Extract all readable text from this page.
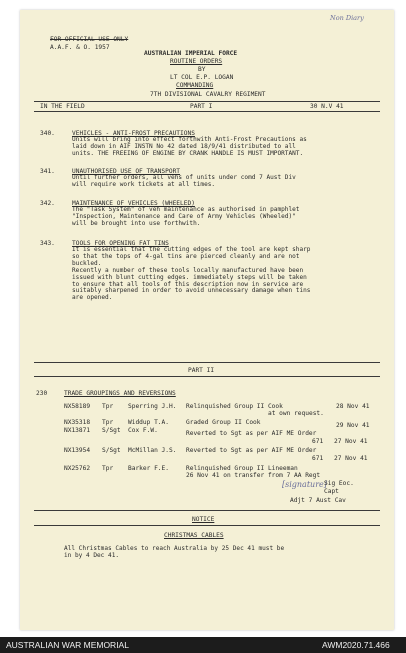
Non Diary
FOR OFFICIAL USE ONLY
A.A.F. & O. 1957
AUSTRALIAN IMPERIAL FORCE
ROUTINE ORDERS
BY
LT COL E.P. LOGAN
COMMANDING
7TH DIVISIONAL CAVALRY REGIMENT
IN THE FIELD	PART I	30 N.V 41
340.	VEHICLES - ANTI-FROST PRECAUTIONS
Units will bring into effect forthwith Anti-Frost Precautions as
laid down in AIF INSTN No 42 dated 18/9/41 distributed to all
units. THE FREEING OF ENGINE BY CRANK HANDLE IS MUST IMPORTANT.
341.	UNAUTHORISED USE OF TRANSPORT
Until further orders, all vehs of units under comd 7 Aust Div
will require work tickets at all times.
342.	MAINTENANCE OF VEHICLES (WHEELED)
The "Task System" of veh maintenance as authorised in pamphlet
"Inspection, Maintenance and Care of Army Vehicles (Wheeled)"
will be brought into use forthwith.
343.	TOOLS FOR OPENING FAT TINS
It is essential that the cutting edges of the tool are kept sharp
so that the tops of 4-gal tins are pierced cleanly and are not
buckled.
Recently a number of these tools locally manufactured have been
issued with blunt cutting edges. immediately steps will be taken
to ensure that all tools of this description now in service are
suitably sharpened in order to avoid unnecessary damage when tins
are opened.
PART II
230	TRADE GROUPINGS AND REVERSIONS
NX58189 Tpr Sperring J.H. Relinquished Group II Cook	28 Nov 41
at own request.
NX35318 Tpr Widdup T.A.	Graded Group II Cook	29 Nov 41
NX13871 S/Sgt Cox F.W.	Reverted to Sgt as per AIF ME Order
671 27 Nov 41
NX13954 S/Sgt McMillan J.S. Reverted to Sgt as per AIF ME Order
671 27 Nov 41
NX25762 Tpr Barker F.E.	Relinquished Group II Lineeman
26 Nov 41 on transfer from 7 AA Regt
[signature]
Sig Eoc.
Capt
Adjt 7 Aust Cav
NOTICE
CHRISTMAS CABLES
All Christmas Cables to reach Australia by 25 Dec 41 must be
in by 4 Dec 41.
AUSTRALIAN WAR MEMORIAL	AWM2020.71.466
